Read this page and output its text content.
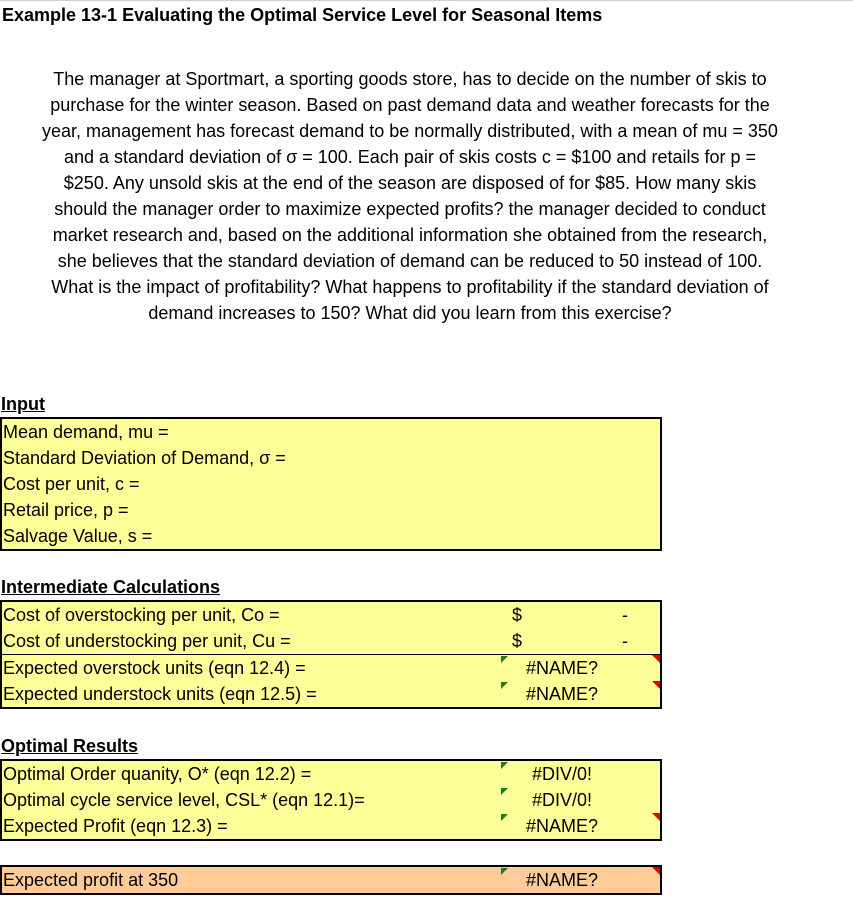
Example 13-1 Evaluating the Optimal Service Level for Seasonal Items
The manager at Sportmart, a sporting goods store, has to decide on the number of skis to
purchase for the winter season. Based on past demand data and weather forecasts for the
year, management has forecast demand to be normally distributed, with a mean of mu = 350
and a standard deviation of σ = 100. Each pair of skis costs c = $100 and retails for p =
$250. Any unsold skis at the end of the season are disposed of for $85. How many skis
should the manager order to maximize expected profits? the manager decided to conduct
market research and, based on the additional information she obtained from the research,
she believes that the standard deviation of demand can be reduced to 50 instead of 100.
What is the impact of profitability? What happens to profitability if the standard deviation of
demand increases to 150? What did you learn from this exercise?
Input
Mean demand, mu =
Standard Deviation of Demand, σ =
Cost per unit, c =
Retail price, p =
Salvage Value, s =
Intermediate Calculations
Cost of overstocking per unit, Co =	$	-
Cost of understocking per unit, Cu =	$	-
Expected overstock units (eqn 12.4) =	#NAME?
Expected understock units (eqn 12.5) =	#NAME?
Optimal Results
Optimal Order quanity, O* (eqn 12.2) =	#DIV/0!
Optimal cycle service level, CSL* (eqn 12.1)=	#DIV/0!
Expected Profit (eqn 12.3) =	#NAME?
Expected profit at 350	#NAME?
